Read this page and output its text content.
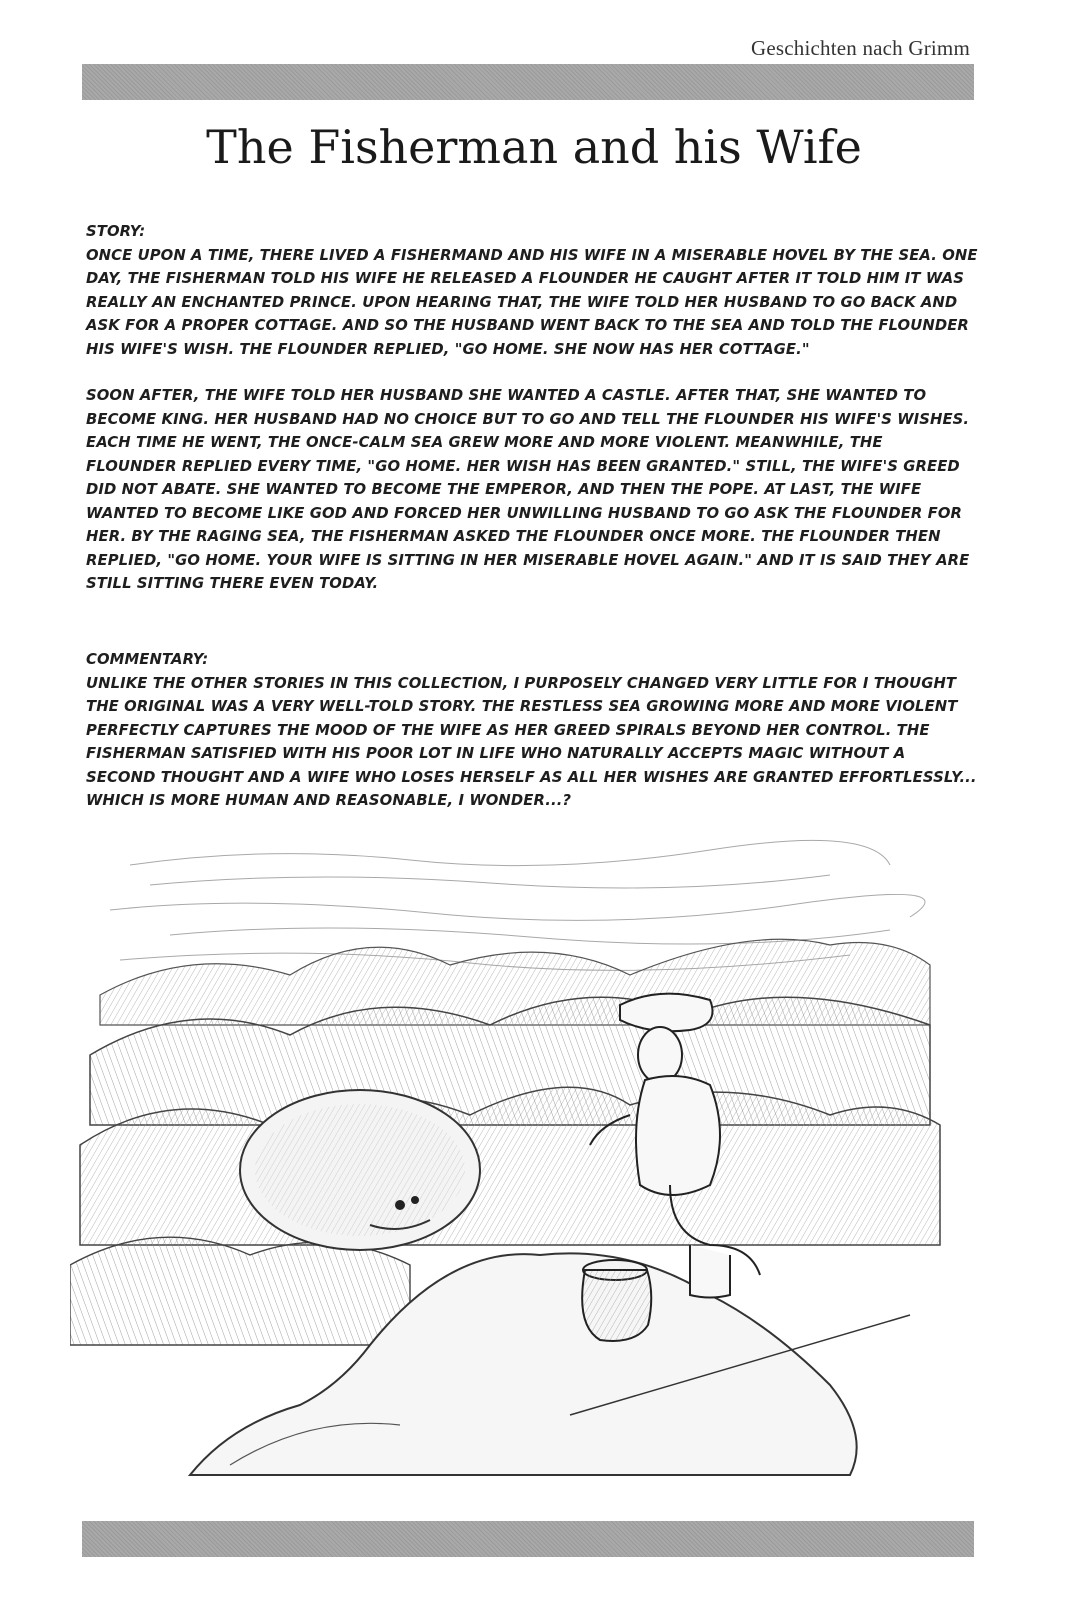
Geschichten nach Grimm
The Fisherman and his Wife

STORY:

ONCE UPON A TIME, THERE LIVED A FISHERMAND AND HIS WIFE IN A MISERABLE HOVEL BY THE SEA. ONE DAY, THE FISHERMAN TOLD HIS WIFE HE RELEASED A FLOUNDER HE CAUGHT AFTER IT TOLD HIM IT WAS REALLY AN ENCHANTED PRINCE. UPON HEARING THAT, THE WIFE TOLD HER HUSBAND TO GO BACK AND ASK FOR A PROPER COTTAGE. AND SO THE HUSBAND WENT BACK TO THE SEA AND TOLD THE FLOUNDER HIS WIFE'S WISH. THE FLOUNDER REPLIED, "GO HOME. SHE NOW HAS HER COTTAGE."

SOON AFTER, THE WIFE TOLD HER HUSBAND SHE WANTED A CASTLE. AFTER THAT, SHE WANTED TO BECOME KING. HER HUSBAND HAD NO CHOICE BUT TO GO AND TELL THE FLOUNDER HIS WIFE'S WISHES. EACH TIME HE WENT, THE ONCE-CALM SEA GREW MORE AND MORE VIOLENT. MEANWHILE, THE FLOUNDER REPLIED EVERY TIME, "GO HOME. HER WISH HAS BEEN GRANTED." STILL, THE WIFE'S GREED DID NOT ABATE. SHE WANTED TO BECOME THE EMPEROR, AND THEN THE POPE. AT LAST, THE WIFE WANTED TO BECOME LIKE GOD AND FORCED HER UNWILLING HUSBAND TO GO ASK THE FLOUNDER FOR HER. BY THE RAGING SEA, THE FISHERMAN ASKED THE FLOUNDER ONCE MORE. THE FLOUNDER THEN REPLIED, "GO HOME. YOUR WIFE IS SITTING IN HER MISERABLE HOVEL AGAIN." AND IT IS SAID THEY ARE STILL SITTING THERE EVEN TODAY.

COMMENTARY:

UNLIKE THE OTHER STORIES IN THIS COLLECTION, I PURPOSELY CHANGED VERY LITTLE FOR I THOUGHT THE ORIGINAL WAS A VERY WELL-TOLD STORY. THE RESTLESS SEA GROWING MORE AND MORE VIOLENT PERFECTLY CAPTURES THE MOOD OF THE WIFE AS HER GREED SPIRALS BEYOND HER CONTROL. THE FISHERMAN SATISFIED WITH HIS POOR LOT IN LIFE WHO NATURALLY ACCEPTS MAGIC WITHOUT A SECOND THOUGHT AND A WIFE WHO LOSES HERSELF AS ALL HER WISHES ARE GRANTED EFFORTLESSLY... WHICH IS MORE HUMAN AND REASONABLE, I WONDER...?
